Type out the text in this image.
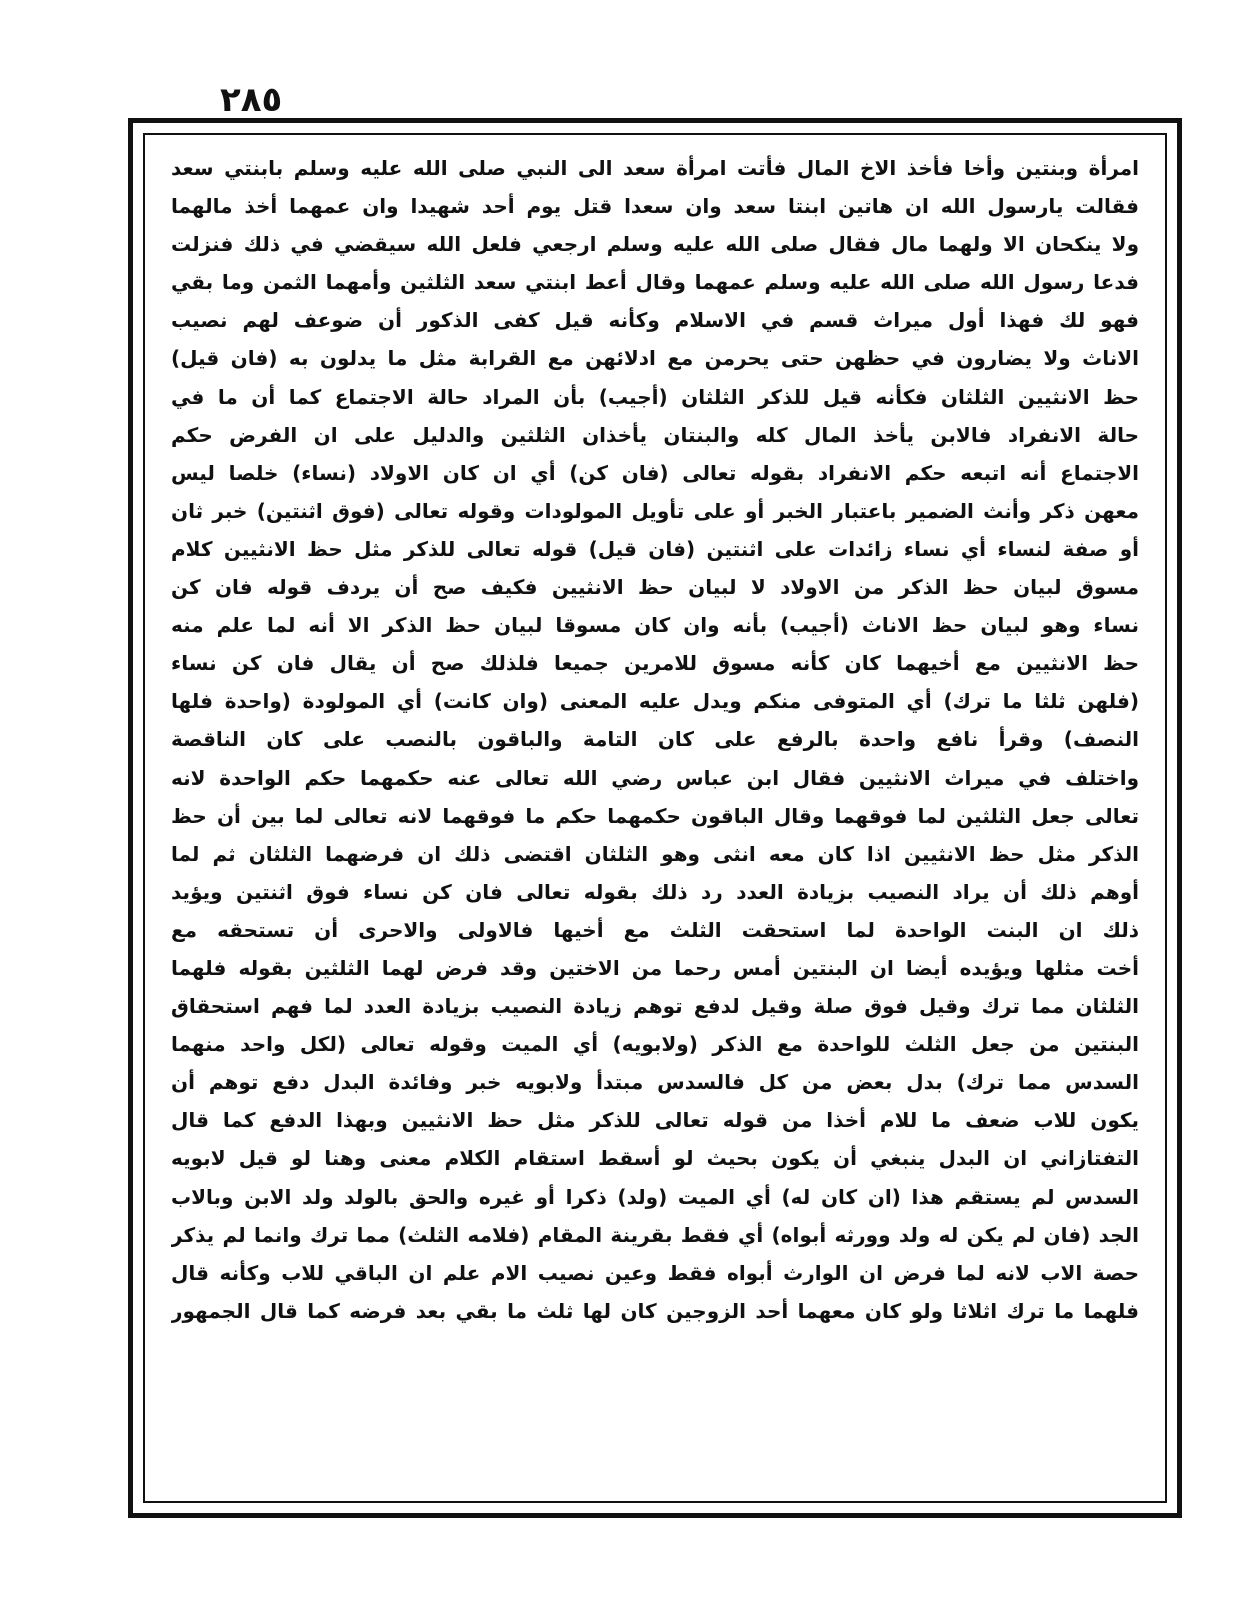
٢٨٥
امرأة وبنتين وأخا فأخذ الاخ المال فأتت امرأة سعد الى النبي صلى الله عليه وسلم بابنتي سعد
فقالت يارسول الله ان هاتين ابنتا سعد وان سعدا قتل يوم أحد شهيدا وان عمهما أخذ مالهما
ولا ينكحان الا ولهما مال فقال صلى الله عليه وسلم ارجعي فلعل الله سيقضي في ذلك فنزلت
فدعا رسول الله صلى الله عليه وسلم عمهما وقال أعط ابنتي سعد الثلثين وأمهما الثمن وما بقي
فهو لك فهذا أول ميراث قسم في الاسلام وكأنه قيل كفى الذكور أن ضوعف لهم نصيب
الاناث ولا يضارون في حظهن حتى يحرمن مع ادلائهن مع القرابة مثل ما يدلون به (فان قيل)
حظ الانثيين الثلثان فكأنه قيل للذكر الثلثان (أجيب) بأن المراد حالة الاجتماع كما أن ما في
حالة الانفراد فالابن يأخذ المال كله والبنتان يأخذان الثلثين والدليل على ان الفرض حكم
الاجتماع أنه اتبعه حكم الانفراد بقوله تعالى (فان كن) أي ان كان الاولاد (نساء) خلصا ليس
معهن ذكر وأنث الضمير باعتبار الخبر أو على تأويل المولودات وقوله تعالى (فوق اثنتين) خبر ثان
أو صفة لنساء أي نساء زائدات على اثنتين (فان قيل) قوله تعالى للذكر مثل حظ الانثيين كلام
مسوق لبيان حظ الذكر من الاولاد لا لبيان حظ الانثيين فكيف صح أن يردف قوله فان كن
نساء وهو لبيان حظ الاناث (أجيب) بأنه وان كان مسوقا لبيان حظ الذكر الا أنه لما علم منه
حظ الانثيين مع أخيهما كان كأنه مسوق للامرين جميعا فلذلك صح أن يقال فان كن نساء
(فلهن ثلثا ما ترك) أي المتوفى منكم ويدل عليه المعنى (وان كانت) أي المولودة (واحدة فلها
النصف) وقرأ نافع واحدة بالرفع على كان التامة والباقون بالنصب على كان الناقصة
واختلف في ميراث الانثيين فقال ابن عباس رضي الله تعالى عنه حكمهما حكم الواحدة لانه
تعالى جعل الثلثين لما فوقهما وقال الباقون حكمهما حكم ما فوقهما لانه تعالى لما بين أن حظ
الذكر مثل حظ الانثيين اذا كان معه انثى وهو الثلثان اقتضى ذلك ان فرضهما الثلثان ثم لما
أوهم ذلك أن يراد النصيب بزيادة العدد رد ذلك بقوله تعالى فان كن نساء فوق اثنتين ويؤيد
ذلك ان البنت الواحدة لما استحقت الثلث مع أخيها فالاولى والاحرى أن تستحقه مع
أخت مثلها ويؤيده أيضا ان البنتين أمس رحما من الاختين وقد فرض لهما الثلثين بقوله فلهما
الثلثان مما ترك وقيل فوق صلة وقيل لدفع توهم زيادة النصيب بزيادة العدد لما فهم استحقاق
البنتين من جعل الثلث للواحدة مع الذكر (ولابويه) أي الميت وقوله تعالى (لكل واحد منهما
السدس مما ترك) بدل بعض من كل فالسدس مبتدأ ولابويه خبر وفائدة البدل دفع توهم أن
يكون للاب ضعف ما للام أخذا من قوله تعالى للذكر مثل حظ الانثيين وبهذا الدفع كما قال
التفتازاني ان البدل ينبغي أن يكون بحيث لو أسقط استقام الكلام معنى وهنا لو قيل لابويه
السدس لم يستقم هذا (ان كان له) أي الميت (ولد) ذكرا أو غيره والحق بالولد ولد الابن وبالاب
الجد (فان لم يكن له ولد وورثه أبواه) أي فقط بقرينة المقام (فلامه الثلث) مما ترك وانما لم يذكر
حصة الاب لانه لما فرض ان الوارث أبواه فقط وعين نصيب الام علم ان الباقي للاب وكأنه قال
فلهما ما ترك اثلاثا ولو كان معهما أحد الزوجين كان لها ثلث ما بقي بعد فرضه كما قال الجمهور
